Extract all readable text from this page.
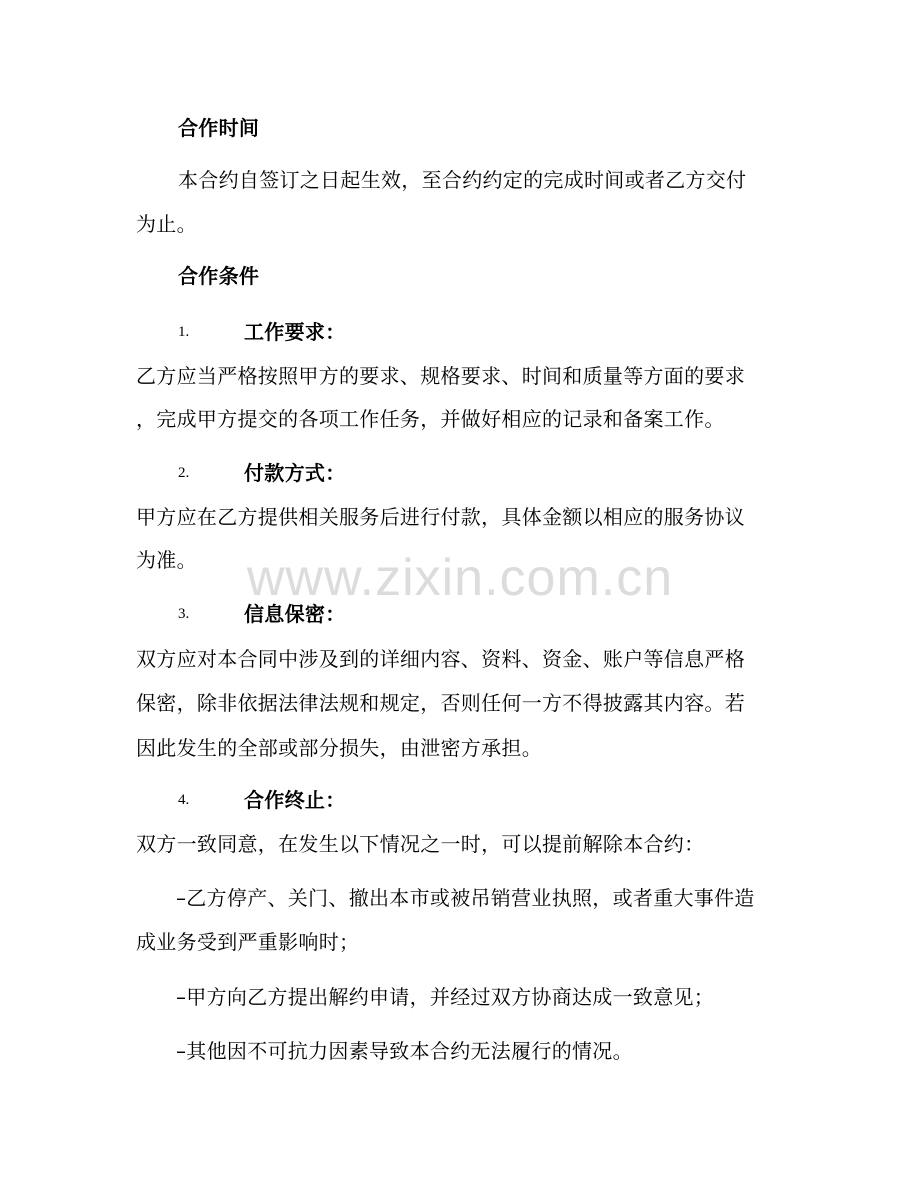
合作时间
本合约自签订之日起生效，至合约约定的完成时间或者乙方交付
为止。
合作条件
1.	工作要求：
乙方应当严格按照甲方的要求、规格要求、时间和质量等方面的要求
，完成甲方提交的各项工作任务，并做好相应的记录和备案工作。
2.	付款方式：
甲方应在乙方提供相关服务后进行付款，具体金额以相应的服务协议
为准。
3.	信息保密：
双方应对本合同中涉及到的详细内容、资料、资金、账户等信息严格
保密，除非依据法律法规和规定，否则任何一方不得披露其内容。若
因此发生的全部或部分损失，由泄密方承担。
4.	合作终止：
双方一致同意，在发生以下情况之一时，可以提前解除本合约：
–乙方停产、关门、撤出本市或被吊销营业执照，或者重大事件造
成业务受到严重影响时；
–甲方向乙方提出解约申请，并经过双方协商达成一致意见；
–其他因不可抗力因素导致本合约无法履行的情况。
www.zixin.com.cn
